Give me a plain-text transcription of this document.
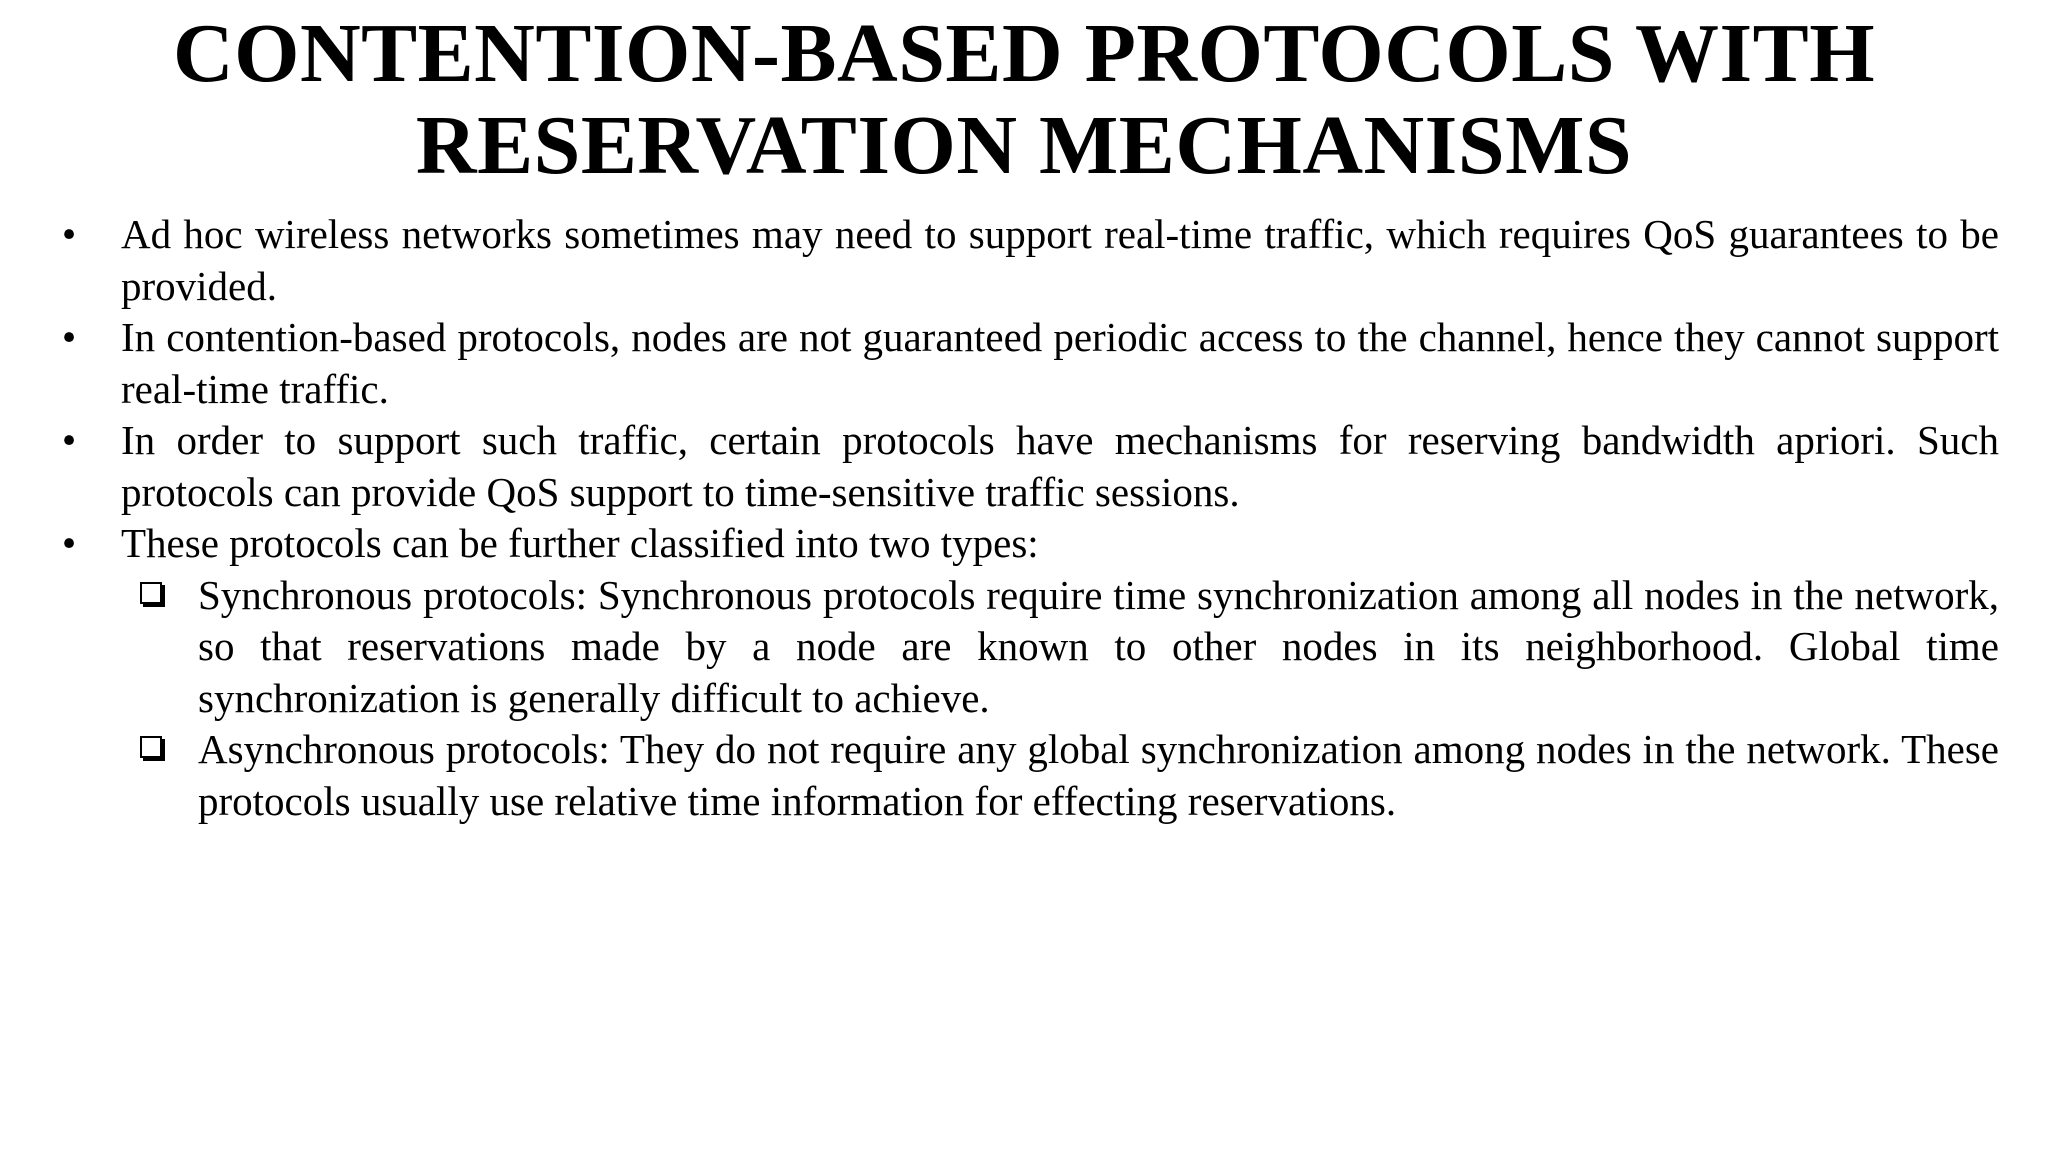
CONTENTION-BASED PROTOCOLS WITH
RESERVATION MECHANISMS
• Ad hoc wireless networks sometimes may need to support real-time traffic, which requires QoS guarantees to be provided.
• In contention-based protocols, nodes are not guaranteed periodic access to the channel, hence they cannot support real-time traffic.
• In order to support such traffic, certain protocols have mechanisms for reserving bandwidth apriori. Such protocols can provide QoS support to time-sensitive traffic sessions.
• These protocols can be further classified into two types:
Synchronous protocols: Synchronous protocols require time synchronization among all nodes in the network, so that reservations made by a node are known to other nodes in its neighborhood. Global time synchronization is generally difficult to achieve.
Asynchronous protocols: They do not require any global synchronization among nodes in the network. These protocols usually use relative time information for effecting reservations.
